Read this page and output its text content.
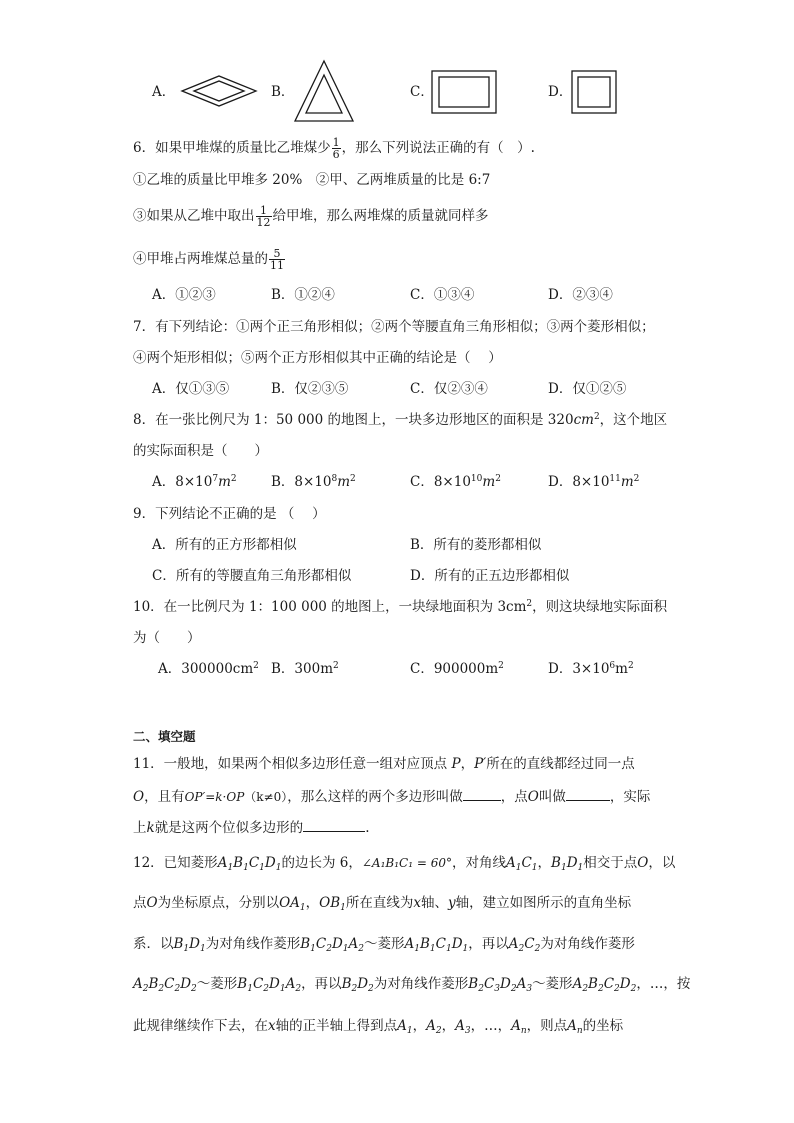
A．	B．	C．	D．
6．如果甲堆煤的质量比乙堆煤少 $\frac{1}{6}$ ，那么下列说法正确的有（　）.
①乙堆的质量比甲堆多 20%　②甲、乙两堆质量的比是 6:7
③如果从乙堆中取出 $\frac{1}{12}$ 给甲堆，那么两堆煤的质量就同样多
④甲堆占两堆煤总量的 $\frac{5}{11}$
A．①②③	B．①②④	C．①③④	D．②③④
7．有下列结论：①两个正三角形相似；②两个等腰直角三角形相似；③两个菱形相似；
④两个矩形相似；⑤两个正方形相似其中正确的结论是（　 ）
A．仅①③⑤	B．仅②③⑤	C．仅②③④	D．仅①②⑤
8．在一张比例尺为 1：50 000 的地图上，一块多边形地区的面积是 $320cm^2$，这个地区
的实际面积是（　　）
A．$8\times 10^7m^2$	B．$8\times 10^8m^2$	C．$8\times 10^{10}m^2$	D．$8\times 10^{11}m^2$
9．下列结论不正确的是 （　 ）
A．所有的正方形都相似	B．所有的菱形都相似
C．所有的等腰直角三角形都相似	D．所有的正五边形都相似
10．在一比例尺为 1：100 000 的地图上，一块绿地面积为 $3cm^2$，则这块绿地实际面积
为（　　）
A．$300000cm^2$ B．$300m^2$	C．$900000m^2$	D．$3\times 10^6m^2$
二、填空题
11．一般地，如果两个相似多边形任意一组对应顶点 P，P′所在的直线都经过同一点
O，且有OP′=k·OP（k≠0），那么这样的两个多边形叫做	，点O叫做	，实际
上k就是这两个位似多边形的	.
12．已知菱形$A_1B_1C_1D_1$的边长为 6，∠A₁B₁C₁ = 60°，对角线$A_1C_1$，$B_1D_1$相交于点O，以
点O为坐标原点，分别以$OA_1$，$OB_1$所在直线为x轴、y轴，建立如图所示的直角坐标
系．以$B_1D_1$为对角线作菱形$B_1C_2D_1A_2\sim$菱形$A_1B_1C_1D_1$，再以$A_2C_2$为对角线作菱形
$A_2B_2C_2D_2\sim$菱形$B_1C_2D_1A_2$，再以$B_2D_2$为对角线作菱形$B_2C_3D_2A_3\sim$菱形$A_2B_2C_2D_2$，…，按
此规律继续作下去，在x轴的正半轴上得到点$A_1$，$A_2$，$A_3$，…，$A_n$，则点$A_n$的坐标
